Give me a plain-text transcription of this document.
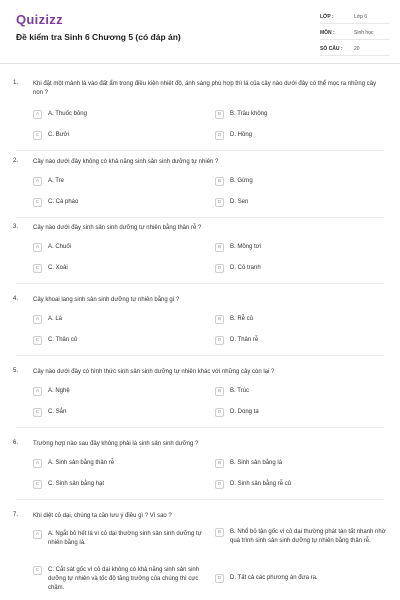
Quizizz
Đề kiểm tra Sinh 6 Chương 5 (có đáp án)
LỚP :	Lớp 6
MÔN :	Sinh học
SỐ CÂU :	20
1. Khi đặt một mảnh lá vào đất ẩm trong điều kiện nhiệt độ, ánh sáng phù hợp thì lá của cây nào dưới đây có thể mọc ra những cây non ?
A	A. Thuốc bỏng	B	B. Trầu không
C	C. Bưởi	D	D. Hồng
2. Cây nào dưới đây không có khả năng sinh sản sinh dưỡng tự nhiên ?
A	A. Tre	B	B. Gừng
C	C. Cà pháo	D	D. Sen
3. Cây nào dưới đây sinh sản sinh dưỡng tự nhiên bằng thân rễ ?
A	A. Chuối	B	B. Mồng tơi
C	C. Xoài	D	D. Cỏ tranh
4. Cây khoai lang sinh sản sinh dưỡng tự nhiên bằng gì ?
A	A. Lá	B	B. Rễ củ
C	C. Thân củ	D	D. Thân rễ
5. Cây nào dưới đây có hình thức sinh sản sinh dưỡng tự nhiên khác với những cây còn lại ?
A	A. Nghệ	B	B. Trúc
C	C. Sắn	D	D. Dong ta
6. Trường hợp nào sau đây không phải là sinh sản sinh dưỡng ?
A	A. Sinh sản bằng thân rễ	B	B. Sinh sản bằng lá
C	C. Sinh sản bằng hạt	D	D. Sinh sản bằng rễ củ
7. Khi diệt cỏ dại, chúng ta cần lưu ý điều gì ? Vì sao ?
A	A. Ngắt bỏ hết lá vì cỏ dại thường sinh sản sinh dưỡng tự nhiên bằng lá.
B	B. Nhổ bỏ tận gốc vì cỏ dại thường phát tán tất nhanh nhờ quá trình sinh sản sinh dưỡng tự nhiên bằng thân rễ.
C	C. Cắt sát gốc vì cỏ dại không có khả năng sinh sản sinh dưỡng tự nhiên và tốc độ tăng trưởng của chúng thì cực chậm.
D	D. Tất cả các phương án đưa ra.
